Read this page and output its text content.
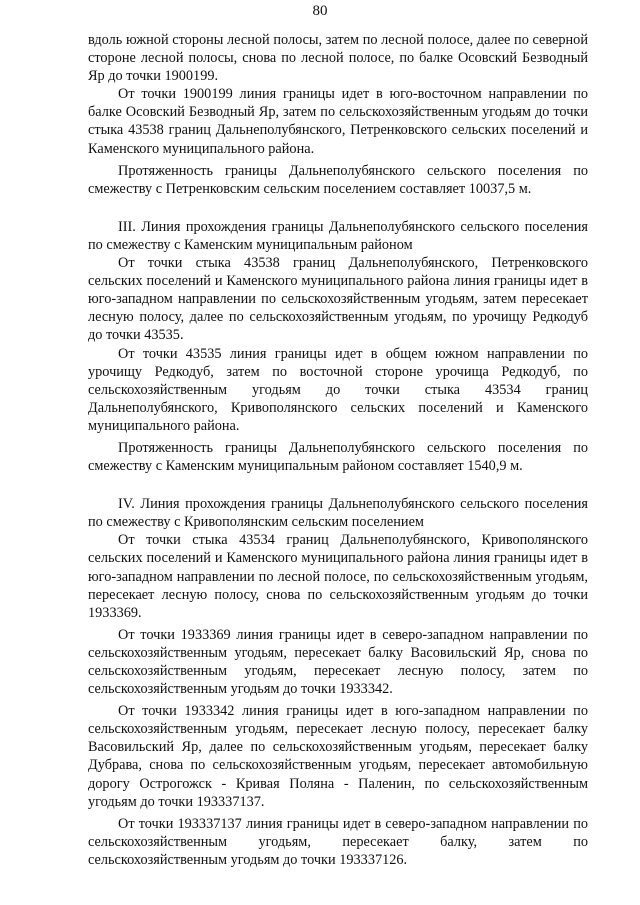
80

вдоль южной стороны лесной полосы, затем по лесной полосе, далее по северной стороне лесной полосы, снова по лесной полосе, по балке Осовский Безводный Яр до точки 1900199.

От точки 1900199 линия границы идет в юго-восточном направлении по балке Осовский Безводный Яр, затем по сельскохозяйственным угодьям до точки стыка 43538 границ Дальнеполубянского, Петренковского сельских поселений и Каменского муниципального района.

Протяженность границы Дальнеполубянского сельского поселения по смежеству с Петренковским сельским поселением составляет 10037,5 м.

III. Линия прохождения границы Дальнеполубянского сельского поселения по смежеству с Каменским муниципальным районом

От точки стыка 43538 границ Дальнеполубянского, Петренковского сельских поселений и Каменского муниципального района линия границы идет в юго-западном направлении по сельскохозяйственным угодьям, затем пересекает лесную полосу, далее по сельскохозяйственным угодьям, по урочищу Редкодуб до точки 43535.

От точки 43535 линия границы идет в общем южном направлении по урочищу Редкодуб, затем по восточной стороне урочища Редкодуб, по сельскохозяйственным угодьям до точки стыка 43534 границ Дальнеполубянского, Кривополянского сельских поселений и Каменского муниципального района.

Протяженность границы Дальнеполубянского сельского поселения по смежеству с Каменским муниципальным районом составляет 1540,9 м.

IV. Линия прохождения границы Дальнеполубянского сельского поселения по смежеству с Кривополянским сельским поселением

От точки стыка 43534 границ Дальнеполубянского, Кривополянского сельских поселений и Каменского муниципального района линия границы идет в юго-западном направлении по лесной полосе, по сельскохозяйственным угодьям, пересекает лесную полосу, снова по сельскохозяйственным угодьям до точки 1933369.

От точки 1933369 линия границы идет в северо-западном направлении по сельскохозяйственным угодьям, пересекает балку Васовильский Яр, снова по сельскохозяйственным угодьям, пересекает лесную полосу, затем по сельскохозяйственным угодьям до точки 1933342.

От точки 1933342 линия границы идет в юго-западном направлении по сельскохозяйственным угодьям, пересекает лесную полосу, пересекает балку Васовильский Яр, далее по сельскохозяйственным угодьям, пересекает балку Дубрава, снова по сельскохозяйственным угодьям, пересекает автомобильную дорогу Острогожск - Кривая Поляна - Паленин, по сельскохозяйственным угодьям до точки 193337137.

От точки 193337137 линия границы идет в северо-западном направлении по сельскохозяйственным угодьям, пересекает балку, затем по сельскохозяйственным угодьям до точки 193337126.
